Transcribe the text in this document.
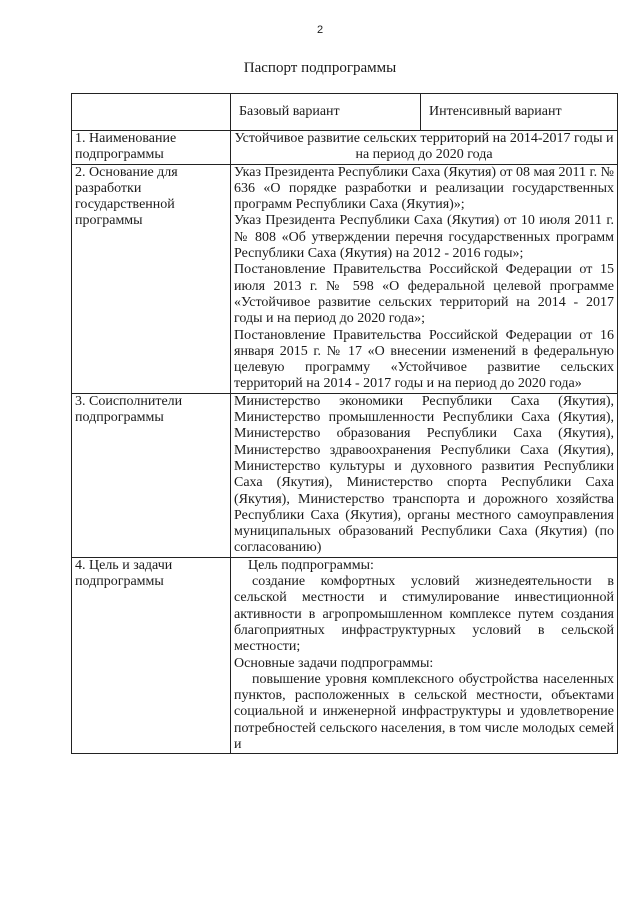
2
Паспорт подпрограммы
	Базовый вариант	Интенсивный вариант
1. Наименование подпрограммы	Устойчивое развитие сельских территорий на 2014-2017 годы и на период до 2020 года	

2. Основание для разработки государственной программы	Указ Президента Республики Саха (Якутия) от 08 мая 2011 г. № 636 «О порядке разработки и реализации государственных программ Республики Саха (Якутия)»;
Указ Президента Республики Саха (Якутия) от 10 июля 2011 г. № 808 «Об утверждении перечня государственных программ Республики Саха (Якутия) на 2012 - 2016 годы»;
Постановление Правительства Российской Федерации от 15 июля 2013 г. № 598 «О федеральной целевой программе «Устойчивое развитие сельских территорий на 2014 - 2017 годы и на период до 2020 года»;
Постановление Правительства Российской Федерации от 16 января 2015 г. № 17 «О внесении изменений в федеральную целевую программу «Устойчивое развитие сельских территорий на 2014 - 2017 годы и на период до 2020 года»	

3. Соисполнители подпрограммы	Министерство экономики Республики Саха (Якутия), Министерство промышленности Республики Саха (Якутия), Министерство образования Республики Саха (Якутия), Министерство здравоохранения Республики Саха (Якутия), Министерство культуры и духовного развития Республики Саха (Якутия), Министерство спорта Республики Саха (Якутия), Министерство транспорта и дорожного хозяйства Республики Саха (Якутия), органы местного самоуправления муниципальных образований Республики Саха (Якутия) (по согласованию)	

4. Цель и задачи подпрограммы	Цель подпрограммы:
создание комфортных условий жизнедеятельности в сельской местности и стимулирование инвестиционной активности в агропромышленном комплексе путем создания благоприятных инфраструктурных условий в сельской местности;
Основные задачи подпрограммы:
повышение уровня комплексного обустройства населенных пунктов, расположенных в сельской местности, объектами социальной и инженерной инфраструктуры и удовлетворение потребностей сельского населения, в том числе молодых семей и	
